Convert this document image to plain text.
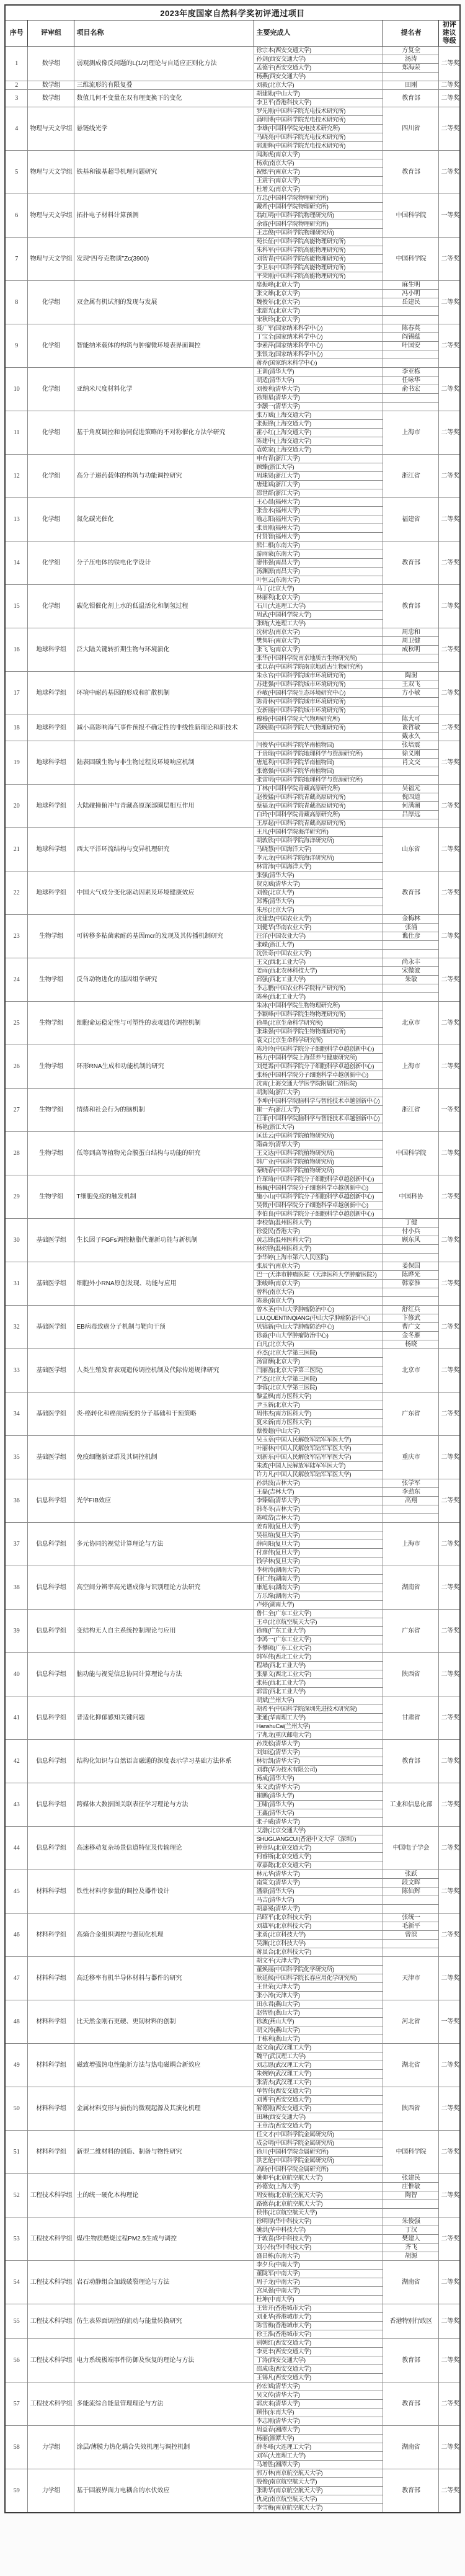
2023年度国家自然科学奖初评通过项目					
序号	评审组	项目名称	主要完成人	提名者	初评建议等级
1	数学组	弱观测成像反问题的L(1/2)理论与自适应正则化方法	徐宗本(西安交通大学)	方复全	二等奖
			孙剑(西安交通大学)	汤涛	
			孟德宇(西安交通大学)	郑海荣	
			杨燕(西安交通大学)		
2	数学组	三维流形的有限复叠	刘毅(北京大学)	田刚	二等奖
3	数学组	数值几何不变量在双有理变换下的变化	胡建勋(中山大学)	教育部	二等奖
			李卫平(香港科技大学)		
4	物理与天文学组	悬链线光学	罗先刚(中国科学院光电技术研究所)	四川省	二等奖
			蒲明博(中国科学院光电技术研究所)		
			李雄(中国科学院光电技术研究所)		
			马晓亮(中国科学院光电技术研究所)		
			郭迎辉(中国科学院光电技术研究所)		
5	物理与天文学组	铁基和镍基超导机理问题研究	闻海虎(南京大学)	教育部	二等奖
			杨欢(南京大学)		
			祝熙宇(南京大学)		
			王震宇(南京大学)		
			杜增义(南京大学)		
6	物理与天文学组	拓扑电子材料计算预测	方忠(中国科学院物理研究所)	中国科学院	一等奖
			戴希(中国科学院物理研究所)		
			翁红明(中国科学院物理研究所)		
			余睿(中国科学院物理研究所)		
			王志俊(中国科学院物理研究所)		
7	物理与天文学组	发现“四夸克物质”Zc(3900)	苑长征(中国科学院高能物理研究所)	中国科学院	二等奖
			朱科军(中国科学院高能物理研究所)		
			刘智青(中国科学院高能物理研究所)		
			李卫东(中国科学院高能物理研究所)		
			平荣刚(中国科学院高能物理研究所)		
8	化学组	双金属有机试剂的发现与发展	席振峰(北京大学)	麻生明	二等奖
			张文雄(北京大学)	冯小明	
			魏俊年(北京大学)	岳建民	
			张韶光(北京大学)		
			宋秋玲(北京大学)		
9	化学组	智能纳米载体的构筑与肿瘤微环境表界面调控	聂广军(国家纳米科学中心)	陈春英	二等奖
			丁宝全(国家纳米科学中心)	阎锡蕴	
			李素萍(国家纳米科学中心)	叶国安	
			张银龙(国家纳米科学中心)		
			蒋乔(国家纳米科学中心)		
10	化学组	亚纳米尺度材料化学	王训(清华大学)	李亚栋	二等奖
			胡适(清华大学)	任咏华	
			刘俊利(清华大学)	俞书宏	
			徐翔星(清华大学)		
			李灏一(清华大学)		
11	化学组	基于角度调控和协同促进策略的不对称催化方法学研究	张万斌(上海交通大学)	上海市	二等奖
			张振锋(上海交通大学)		
			霍小红(上海交通大学)		
			陈建中(上海交通大学)		
			袁乾家(上海交通大学)		
12	化学组	高分子递药载体的构筑与功能调控研究	申有青(浙江大学)	浙江省	二等奖
			顾臻(浙江大学)		
			周珠贤(浙江大学)		
			唐建斌(浙江大学)		
			邵世群(浙江大学)		
13	化学组	氮化碳光催化	王心晨(福州大学)	福建省	二等奖
			张金水(福州大学)		
			喻志阳(福州大学)		
			张贵刚(福州大学)		
			付贤智(福州大学)		
14	化学组	分子压电体的铁电化学设计	熊仁根(东南大学)	教育部	二等奖
			游雨蒙(东南大学)		
			廖伟强(南昌大学)		
			汤渊源(南昌大学)		
			叶恒云(东南大学)		
15	化学组	碳化钼催化剂上水的低温活化和制氢过程	马丁(北京大学)	教育部	二等奖
			林丽利(北京大学)		
			石川(大连理工大学)		
			周武(中国科学院大学)		
			张晓(大连理工大学)		
16	地球科学组	泛大陆关键转折期生物与环境演化	沈树忠(南京大学)	周忠和	二等奖
			樊隽轩(南京大学)	周卫健	
			张飞飞(南京大学)	成秋明	
			张华(中国科学院南京地质古生物研究所)		
			张以春(中国科学院南京地质古生物研究所)		
17	地球科学组	环境中耐药基因的形成和扩散机制	朱永官(中国科学院城市环境研究所)	陶澍	二等奖
			苏建强(中国科学院城市环境研究所)	王双飞	
			乔敏(中国科学院生态环境研究中心)	方小敏	
			陈青林(中国科学院城市环境研究所)		
			安新丽(中国科学院城市环境研究所)		
18	地球科学组	减小高影响海气事件预报不确定性的非线性新理论和新技术	穆穆(中国科学院大气物理研究所)	陈大可	二等奖
			段晚锁(中国科学院大气物理研究所)	谈哲敏	
				戴永久	
19	地球科学组	陆表固碳生物与非生物过程及环境响应机制	闫俊华(中国科学院华南植物园)	张培震	二等奖
			于贵瑞(中国科学院地理科学与资源研究所)	徐义刚	
			唐旭利(中国科学院华南植物园)	肖文交	
			张德强(中国科学院华南植物园)		
			张雷明(中国科学院地理科学与资源研究所)		
20	地球科学组	大陆碰撞俯冲与青藏高原深部圈层相互作用	丁林(中国科学院青藏高原研究所)	吴福元	二等奖
			赵俊猛(中国科学院青藏高原研究所)	倪四道	
			蔡福龙(中国科学院青藏高原研究所)	何满潮	
			白玲(中国科学院青藏高原研究所)	吕厚远	
			王厚起(中国科学院青藏高原研究所)		
21	地球科学组	西太平洋环流结构与变异机理研究	王凡(中国科学院海洋研究所)	山东省	二等奖
			胡敦欣(中国科学院海洋研究所)		
			马晓慧(中国海洋大学)		
			李元龙(中国科学院海洋研究所)		
			林霄沛(中国海洋大学)		
22	地球科学组	中国大气成分变化驱动因素及环境健康效应	张强(清华大学)	教育部	二等奖
			贺克斌(清华大学)		
			刘俊(北京大学)		
			郑博(清华大学)		
			朱彤(北京大学)		
23	生物学组	可转移多粘菌素耐药基因mcr的发现及其传播机制研究	沈建忠(中国农业大学)	金梅林	二等奖
			刘健华(华南农业大学)	张涌	
			汪洋(中国农业大学)	谯仕彦	
			张嵘(浙江大学)		
			沈张奇(中国农业大学)		
24	生物学组	反刍动物进化的基因组学研究	王文(西北工业大学)	尚永丰	二等奖
			姜雨(西北农林科技大学)	宋微波	
			邱强(西北工业大学)	朱敏	
			李志鹏(中国农业科学院特产研究所)		
			陈垒(西北工业大学)		
25	生物学组	细胞命运稳定性与可塑性的表观遗传调控机制	朱冰(中国科学院生物物理研究所)	北京市	二等奖
			李颖峰(中国科学院生物物理研究所)		
			徐墨(北京生命科学研究所)		
			张珠强(中国科学院生物物理研究所)		
			袁文(北京生命科学研究所)		
26	生物学组	环形RNA生成和功能机制的研究	陈玲玲(中国科学院分子细胞科学卓越创新中心)	上海市	二等奖
			杨力(中国科学院上海营养与健康研究所)		
			刘楚霄(中国科学院分子细胞科学卓越创新中心)		
			张杨(中国科学院分子细胞科学卓越创新中心)		
			沈南(上海交通大学医学院附属仁济医院)		
27	生物学组	情绪和社会行为的脑机制	胡海岚(浙江大学)	浙江省	一等奖
			李坤(中国科学院脑科学与智能技术卓越创新中心)		
			崔一卉(浙江大学)		
			汪菲(中国科学院脑科学与智能技术卓越创新中心)		
			杨艳(浙江大学)		
28	生物学组	低等到高等植物光合膜蛋白结构与功能的研究	匡廷云(中国科学院植物研究所)	中国科学院	二等奖
			隋森芳(清华大学)		
			王文达(中国科学院植物研究所)		
			韩广业(中国科学院植物研究所)		
			秦晓春(中国科学院植物研究所)		
29	生物学组	T细胞免疫的触发机制	许琛琦(中国科学院分子细胞科学卓越创新中心)	中国科协	二等奖
			杨巍(中国科学院分子细胞科学卓越创新中心)		
			施小山(中国科学院分子细胞科学卓越创新中心)		
			吴微(中国科学院分子细胞科学卓越创新中心)		
			李伯良(中国科学院分子细胞科学卓越创新中心)		
30	基础医学组	生长因子FGFs调控糖脂代谢新功能与新机制	李校堃(温州医科大学)	丁健	二等奖
			徐爱民(香港大学)	付小兵	
			黄志锋(温州医科大学)	顾东风	
			林灼锋(温州医科大学)		
			李华婷(上海市第六人民医院)		
31	基础医学组	细胞外小RNA原创发现、功能与应用	张辰宇(南京大学)	姜保国	二等奖
			巴一(天津市肿瘤医院（天津医科大学肿瘤医院）)	陈晔光	
			张峻峰(南京大学)	韩家淮	
			曾科(南京大学)		
			陈熹(南京大学)		
32	基础医学组	EB病毒致癌分子机制与靶向干预	曾木圣(中山大学肿瘤防治中心)	舒红兵	二等奖
			LIU,QUENTINQIANG(中山大学肿瘤防治中心)	卞修武	
			贝锦新(中山大学肿瘤防治中心)	曹广文	
			徐淼(中山大学肿瘤防治中心)	金冬雁	
			白凡(北京大学)	杨晓	
33	基础医学组	人类生殖发育表观遗传调控机制及代际传递规律研究	乔杰(北京大学第三医院)	北京市	二等奖
			汤富酬(北京大学)		
			闫丽盈(北京大学第三医院)		
			严杰(北京大学第三医院)		
			李蓉(北京大学第三医院)		
34	基础医学组	炎-癌转化和癌前病变的分子基础和干预策略	黎孟枫(南方医科大学)	广东省	二等奖
			尹玉新(北京大学)		
			周伟杰(南方医科大学)		
			夏来新(南方医科大学)		
			蔡俊超(中山大学)		
35	基础医学组	免疫细胞新亚群及其调控机制	吴玉章(中国人民解放军陆军军医大学)	重庆市	二等奖
			叶丽林(中国人民解放军陆军军医大学)		
			刘新东(中国人民解放军陆军军医大学)		
			朱波(中国人民解放军陆军军医大学)		
			许力凡(中国人民解放军陆军军医大学)		
36	信息科学组	光学FIB效应	孙洪波(吉林大学)	张学军	二等奖
			王磊(吉林大学)	李劲东	
			李臻赜(清华大学)	高翔	
			韩冬冬(吉林大学)		
			陈岐岱(吉林大学)		
37	信息科学组	多元协同的视觉计算理论与方法	姜育刚(复旦大学)	上海市	二等奖
			吴祖煊(复旦大学)		
			薛向阳(复旦大学)		
			付彦伟(复旦大学)		
			钱学林(复旦大学)		
38	信息科学组	高空间分辨率高光谱成像与识别理论方法研究	李树涛(湖南大学)	湖南省	二等奖
			佃仁伟(湖南大学)		
			康旭东(湖南大学)		
			方乐缘(湖南大学)		
			卢婷(湖南大学)		
39	信息科学组	变结构无人自主系统控制理论与应用	鲁仁全(广东工业大学)	广东省	二等奖
			王卓(北京航空航天大学)		
			徐雍(广东工业大学)		
			李鸿一(广东工业大学)		
			李攀硕(广东工业大学)		
40	信息科学组	脑功能与视觉信息协同计算理论与方法	韩军伟(西北工业大学)	陕西省	二等奖
			程塨(西北工业大学)		
			张鼎文(西北工业大学)		
			张拓(西北工业大学)		
			郭雷(西北工业大学)		
41	信息科学组	普适化抑郁感知关键问题	胡斌(兰州大学)	甘肃省	二等奖
			胡希平(中国科学院深圳先进技术研究院)		
			张通(华南理工大学)		
			HanshuCai(兰州大学)		
			宁兆龙(重庆邮电大学)		
42	信息科学组	结构化知识与自然语言融通的深度表示学习基础方法体系	孙茂松(清华大学)	教育部	二等奖
			刘知远(清华大学)		
			林衍凯(清华大学)		
			刘群(华为技术有限公司)		
			杨成(清华大学)		
43	信息科学组	跨媒体大数据图关联表征学习理论与方法	朱文武(清华大学)	工业和信息化部	二等奖
			崔鹏(清华大学)		
			王啸(清华大学)		
			王鑫(清华大学)		
			张子威(清华大学)		
44	信息科学组	高速移动复杂场景信道特征及传输理论	艾渤(北京交通大学)	中国电子学会	二等奖
			SHUGUANGCUI(香港中文大学（深圳）)		
			钟章队(北京交通大学)		
			何睿斯(北京交通大学)		
			章嘉懿(北京交通大学)		
45	材料科学组	铁性材料序参量的调控及器件设计	林元华(清华大学)	张跃	二等奖
			南策文(清华大学)	段文晖	
			潘豪(清华大学)	陈仙辉	
			马吉(清华大学)		
			胡嘉冕(清华大学)		
46	材料科学组	高熵合金组织调控与强韧化机理	吕昭平(北京科技大学)	张统一	二等奖
			刘雄军(北京科技大学)	毛新平	
			张勇(北京科技大学)	曾滨	
			吴渊(北京科技大学)		
			蒋虽合(北京科技大学)		
47	材料科学组	高迁移率有机半导体材料与器件的研究	胡文平(天津大学)	天津市	二等奖
			董焕丽(中国科学院化学研究所)		
			耿延候(中国科学院长春应用化学研究所)		
			王世荣(天津大学)		
			张小涛(天津大学)		
48	材料科学组	比天然金刚石更硬、更韧材料的创制	田永君(燕山大学)	河北省	一等奖
			赵智胜(燕山大学)		
			徐波(燕山大学)		
			胡文涛(燕山大学)		
			于栋利(燕山大学)		
49	材料科学组	磁致增强热电性能新方法与热电磁耦合新效应	赵文俞(武汉理工大学)	湖北省	二等奖
			魏平(武汉理工大学)		
			刘志愿(武汉理工大学)		
			朱婉婷(武汉理工大学)		
			张清杰(武汉理工大学)		
50	材料科学组	金属材料变形与损伤的微观起源及其演化机理	单智伟(西安交通大学)	陕西省	二等奖
			刘博宇(西安交通大学)		
			解德刚(西安交通大学)		
			田琳(西安交通大学)		
			王章洁(西安交通大学)		
51	材料科学组	新型二维材料的创造、制备与物性研究	任文才(中国科学院金属研究所)	中国科学院	二等奖
			成会明(中国科学院金属研究所)		
			徐川(中国科学院金属研究所)		
			洪艺伦(中国科学院金属研究所)		
			高旸(中国科学院金属研究所)		
52	工程技术科学组	土的统一硬化本构理论	姚仰平(北京航空航天大学)	张建民	二等奖
			孙德安(上海大学)	庄惟敏	
			周安楠(北京航空航天大学)	陶智	
			路德春(北京航空航天大学)		
			侯伟(北京航空航天大学)		
53	工程技术科学组	煤/生物质燃烧过程PM2.5生成与调控	徐明厚(华中科技大学)	朱俊强	二等奖
			姚洪(华中科技大学)	丁汉	
			于敦喜(华中科技大学)	樊建人	
			刘小伟(华中科技大学)	齐飞	
			盛昌栋(东南大学)	胡源	
54	工程技术科学组	岩石动静组合加载破裂理论与方法	李夕兵(中南大学)	湖南省	二等奖
			董陇军(中南大学)		
			周子龙(中南大学)		
			宫凤强(中南大学)		
			杜坤(中南大学)		
55	工程技术科学组	仿生表界面调控的流动与能量转换研究	王钻开(香港城市大学)	香港特别行政区	二等奖
			刘亚华(香港城市大学)		
			陈雪梅(香港城市大学)		
			徐王淮(香港城市大学)		
56	工程技术科学组	电力系统极端事件防御及恢复的理论与方法	别朝红(西安交通大学)	教育部	二等奖
			李更丰(西安交通大学)		
			丁涛(西安交通大学)		
			邵成成(西安交通大学)		
			王锡凡(西安交通大学)		
57	工程技术科学组	多能流综合能量管理理论与方法	孙宏斌(清华大学)	教育部	二等奖
			吴文传(清华大学)		
			郭庆来(清华大学)		
			顾伟(东南大学)		
			李志刚(清华大学)		
58	力学组	涂层/薄膜力热化耦合失效机理与调控机制	周益春(湘潭大学)	湖南省	二等奖
			杨丽(湘潭大学)		
			薛冬峰(大连理工大学)		
			刘军(大连理工大学)		
			马增胜(湘潭大学)		
59	力学组	基于固液界面力电耦合的水伏效应	郭万林(南京航空航天大学)	教育部	二等奖
			殷俊(南京航空航天大学)		
			张助华(南京航空航天大学)		
			仇虎(南京航空航天大学)		
			李雪梅(南京航空航天大学)		
